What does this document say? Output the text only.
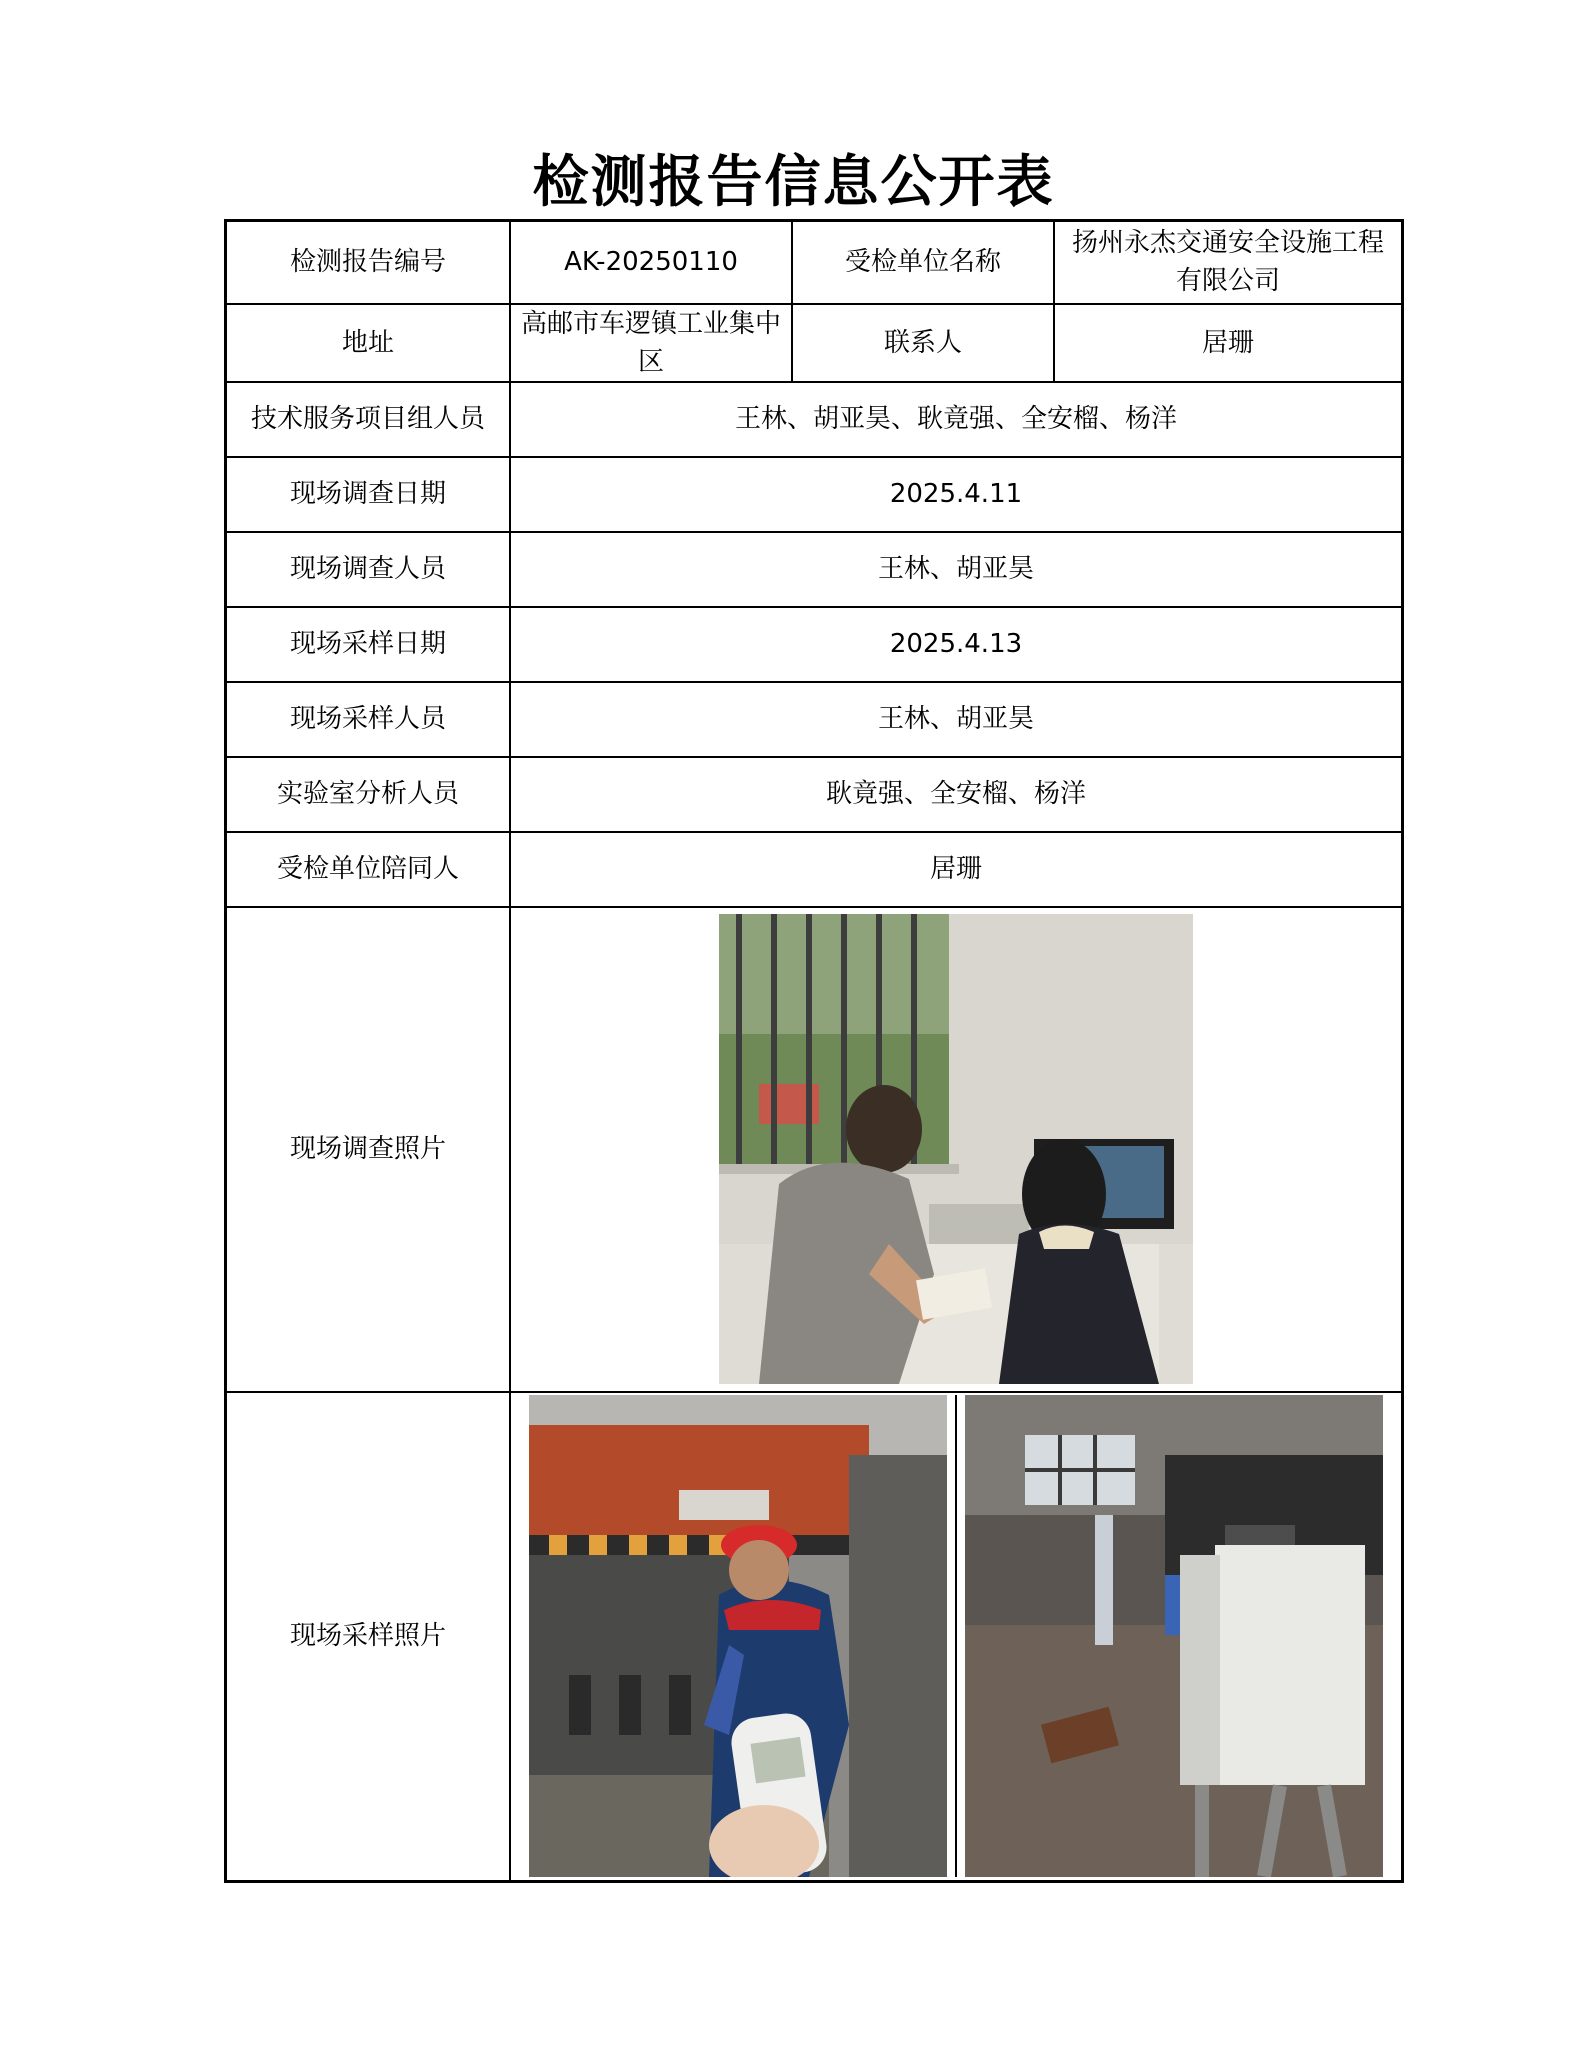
检测报告信息公开表
检测报告编号	AK-20250110	受检单位名称	扬州永杰交通安全设施工程有限公司
地址	高邮市车逻镇工业集中区	联系人	居珊
技术服务项目组人员	王林、胡亚昊、耿竟强、全安榴、杨洋		
现场调查日期	2025.4.11		
现场调查人员	王林、胡亚昊		
现场采样日期	2025.4.13		
现场采样人员	王林、胡亚昊		
实验室分析人员	耿竟强、全安榴、杨洋		
受检单位陪同人	居珊		
现场调查照片	

现场采样照片	
